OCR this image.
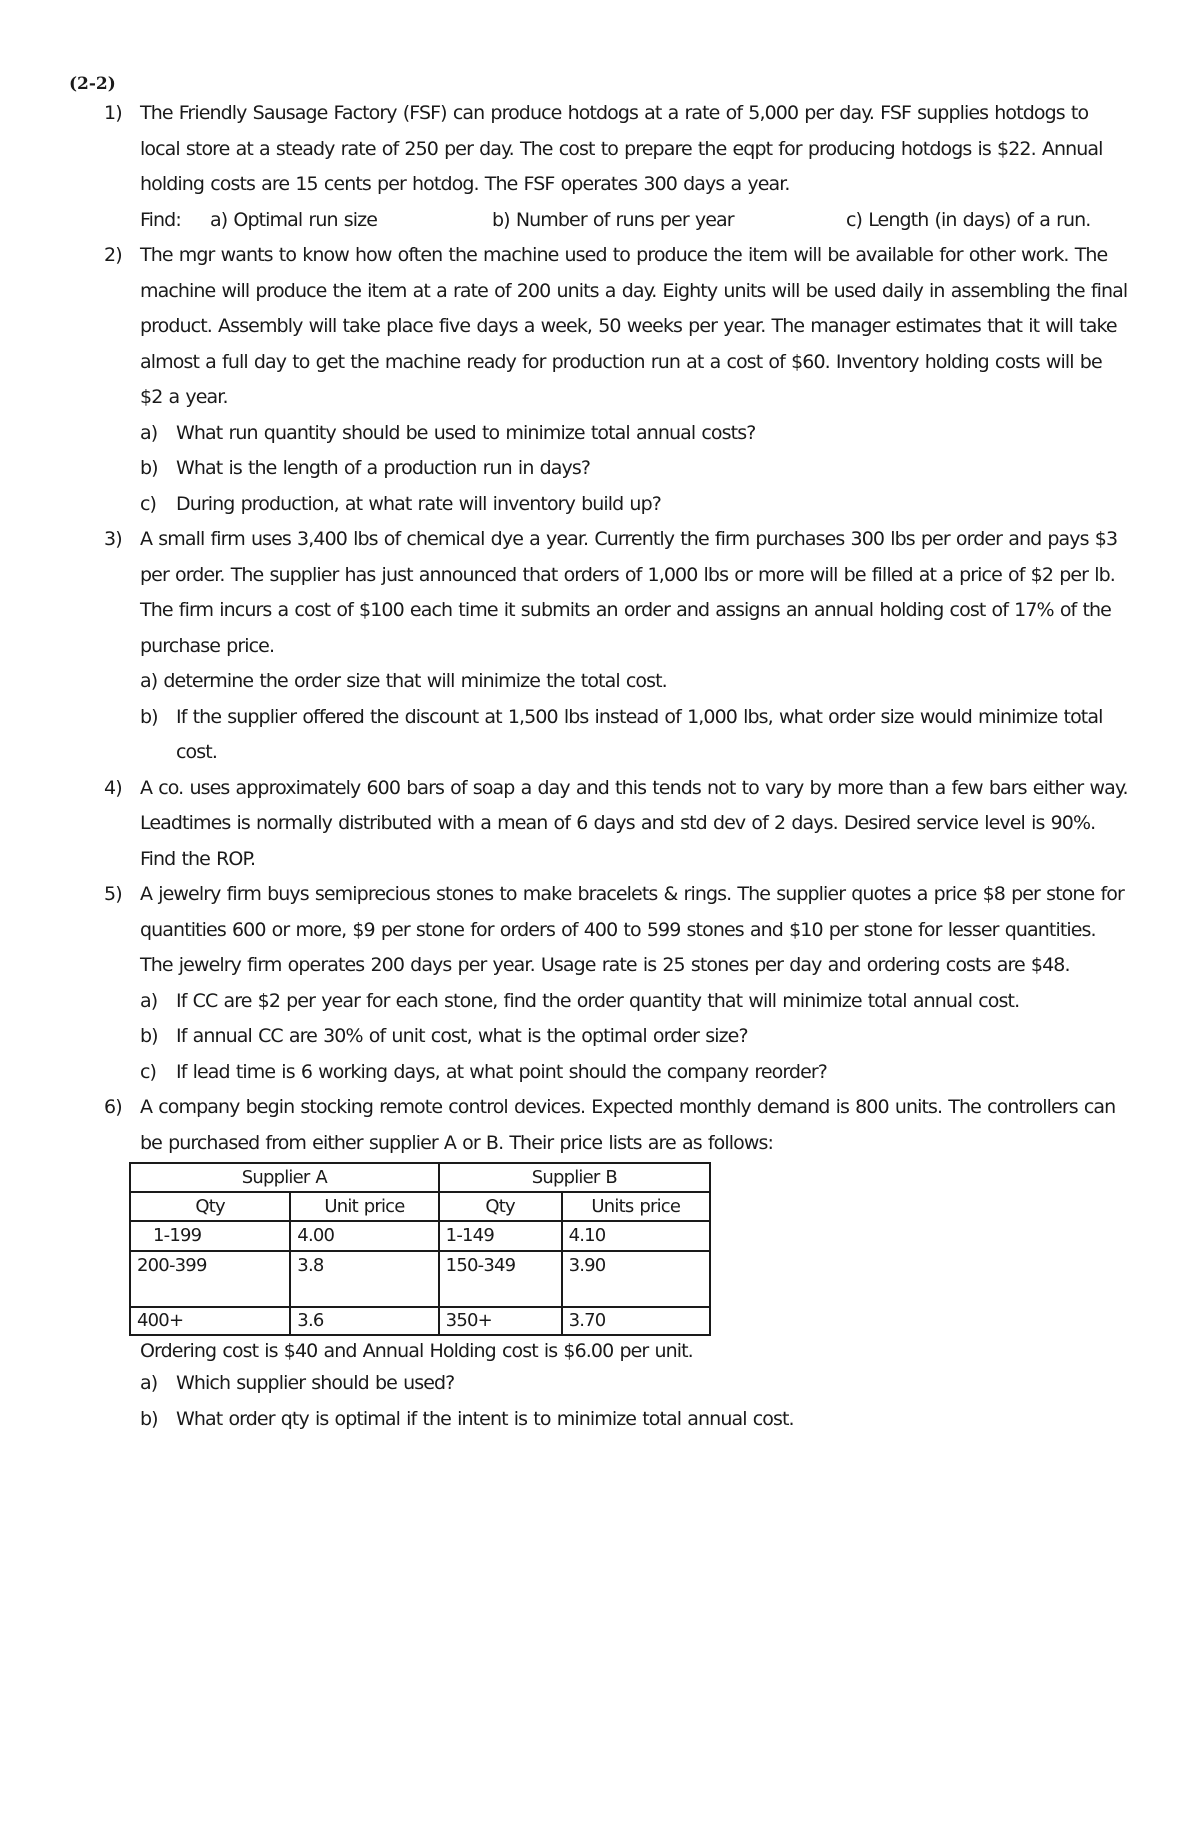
(2-2)
1) The Friendly Sausage Factory (FSF) can produce hotdogs at a rate of 5,000 per day. FSF supplies hotdogs to local store at a steady rate of 250 per day. The cost to prepare the eqpt for producing hotdogs is $22. Annual holding costs are 15 cents per hotdog. The FSF operates 300 days a year.
Find: a) Optimal run size	b) Number of runs per year	c) Length (in days) of a run.
2) The mgr wants to know how often the machine used to produce the item will be available for other work. The machine will produce the item at a rate of 200 units a day. Eighty units will be used daily in assembling the final product. Assembly will take place five days a week, 50 weeks per year. The manager estimates that it will take almost a full day to get the machine ready for production run at a cost of $60. Inventory holding costs will be $2 a year.
a) What run quantity should be used to minimize total annual costs?
b) What is the length of a production run in days?
c) During production, at what rate will inventory build up?
3) A small firm uses 3,400 lbs of chemical dye a year. Currently the firm purchases 300 lbs per order and pays $3 per order. The supplier has just announced that orders of 1,000 lbs or more will be filled at a price of $2 per lb. The firm incurs a cost of $100 each time it submits an order and assigns an annual holding cost of 17% of the purchase price.
a) determine the order size that will minimize the total cost.
b) If the supplier offered the discount at 1,500 lbs instead of 1,000 lbs, what order size would minimize total cost.
4) A co. uses approximately 600 bars of soap a day and this tends not to vary by more than a few bars either way. Leadtimes is normally distributed with a mean of 6 days and std dev of 2 days. Desired service level is 90%. Find the ROP.
5) A jewelry firm buys semiprecious stones to make bracelets & rings. The supplier quotes a price $8 per stone for quantities 600 or more, $9 per stone for orders of 400 to 599 stones and $10 per stone for lesser quantities. The jewelry firm operates 200 days per year. Usage rate is 25 stones per day and ordering costs are $48.
a) If CC are $2 per year for each stone, find the order quantity that will minimize total annual cost.
b) If annual CC are 30% of unit cost, what is the optimal order size?
c) If lead time is 6 working days, at what point should the company reorder?
6) A company begin stocking remote control devices. Expected monthly demand is 800 units. The controllers can be purchased from either supplier A or B. Their price lists are as follows:
Supplier A		Supplier B	
Qty	Unit price	Qty	Units price
1-199	4.00	1-149	4.10
200-399	3.8	150-349	3.90
400+	3.6	350+	3.70
Ordering cost is $40 and Annual Holding cost is $6.00 per unit.
a) Which supplier should be used?
b) What order qty is optimal if the intent is to minimize total annual cost.
